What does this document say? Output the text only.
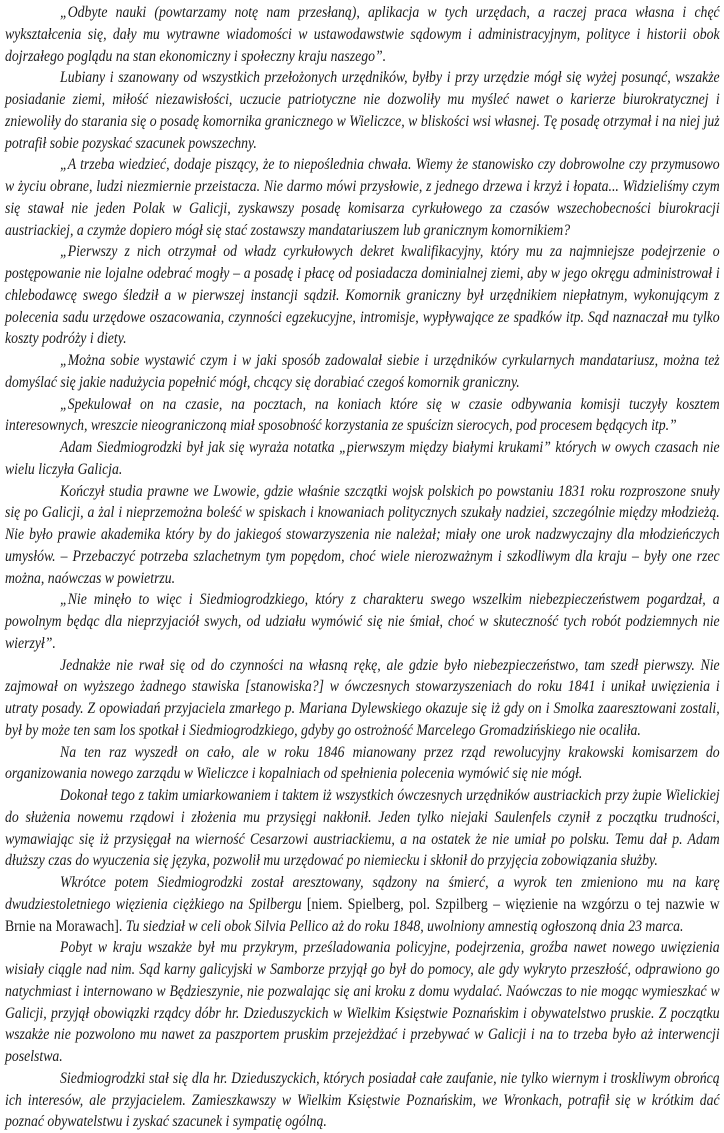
„Odbyte nauki (powtarzamy notę nam przesłaną), aplikacja w tych urzędach, a raczej praca własna i chęć wykształcenia się, dały mu wytrawne wiadomości w ustawodawstwie sądowym i administracyjnym, polityce i historii obok dojrzałego poglądu na stan ekonomiczny i społeczny kraju naszego”.

Lubiany i szanowany od wszystkich przełożonych urzędników, byłby i przy urzędzie mógł się wyżej posunąć, wszakże posiadanie ziemi, miłość niezawisłości, uczucie patriotyczne nie dozwoliły mu myśleć nawet o karierze biurokratycznej i zniewoliły do starania się o posadę komornika granicznego w Wieliczce, w bliskości wsi własnej. Tę posadę otrzymał i na niej już potrafił sobie pozyskać szacunek powszechny.

„A trzeba wiedzieć, dodaje piszący, że to niepoślednia chwała. Wiemy że stanowisko czy dobrowolne czy przymusowo w życiu obrane, ludzi niezmiernie przeistacza. Nie darmo mówi przysłowie, z jednego drzewa i krzyż i łopata... Widzieliśmy czym się stawał nie jeden Polak w Galicji, zyskawszy posadę komisarza cyrkułowego za czasów wszechobecności biurokracji austriackiej, a czymże dopiero mógł się stać zostawszy mandatariuszem lub granicznym komornikiem?

„Pierwszy z nich otrzymał od władz cyrkułowych dekret kwalifikacyjny, który mu za najmniejsze podejrzenie o postępowanie nie lojalne odebrać mogły – a posadę i płacę od posiadacza dominialnej ziemi, aby w jego okręgu administrował i chlebodawcę swego śledził a w pierwszej instancji sądził. Komornik graniczny był urzędnikiem niepłatnym, wykonującym z polecenia sadu urzędowe oszacowania, czynności egzekucyjne, intromisje, wypływające ze spadków itp. Sąd naznaczał mu tylko koszty podróży i diety.

„Można sobie wystawić czym i w jaki sposób zadowalał siebie i urzędników cyrkularnych mandatariusz, można też domyślać się jakie nadużycia popełnić mógł, chcący się dorabiać czegoś komornik graniczny.

„Spekulował on na czasie, na pocztach, na koniach które się w czasie odbywania komisji tuczyły kosztem interesownych, wreszcie nieograniczoną miał sposobność korzystania ze spuścizn sierocych, pod procesem będących itp.”

Adam Siedmiogrodzki był jak się wyraża notatka „pierwszym między białymi krukami” których w owych czasach nie wielu liczyła Galicja.

Kończył studia prawne we Lwowie, gdzie właśnie szczątki wojsk polskich po powstaniu 1831 roku rozproszone snuły się po Galicji, a żal i nieprzemożna boleść w spiskach i knowaniach politycznych szukały nadziei, szczególnie między młodzieżą. Nie było prawie akademika który by do jakiegoś stowarzyszenia nie należał; miały one urok nadzwyczajny dla młodzieńczych umysłów. – Przebaczyć potrzeba szlachetnym tym popędom, choć wiele nierozważnym i szkodliwym dla kraju – były one rzec można, naówczas w powietrzu.

„Nie minęło to więc i Siedmiogrodzkiego, który z charakteru swego wszelkim niebezpieczeństwem pogardzał, a powolnym będąc dla nieprzyjaciół swych, od udziału wymówić się nie śmiał, choć w skuteczność tych robót podziemnych nie wierzył”.

Jednakże nie rwał się od do czynności na własną rękę, ale gdzie było niebezpieczeństwo, tam szedł pierwszy. Nie zajmował on wyższego żadnego stawiska [stanowiska?] w ówczesnych stowarzyszeniach do roku 1841 i unikał uwięzienia i utraty posady. Z opowiadań przyjaciela zmarłego p. Mariana Dylewskiego okazuje się iż gdy on i Smolka zaaresztowani zostali, był by może ten sam los spotkał i Siedmiogrodzkiego, gdyby go ostrożność Marcelego Gromadzińskiego nie ocaliła.

Na ten raz wyszedł on cało, ale w roku 1846 mianowany przez rząd rewolucyjny krakowski komisarzem do organizowania nowego zarządu w Wieliczce i kopalniach od spełnienia polecenia wymówić się nie mógł.

Dokonał tego z takim umiarkowaniem i taktem iż wszystkich ówczesnych urzędników austriackich przy żupie Wielickiej do służenia nowemu rządowi i złożenia mu przysięgi nakłonił. Jeden tylko niejaki Saulenfels czynił z początku trudności, wymawiając się iż przysięgał na wierność Cesarzowi austriackiemu, a na ostatek że nie umiał po polsku. Temu dał p. Adam dłuższy czas do wyuczenia się języka, pozwolił mu urzędować po niemiecku i skłonił do przyjęcia zobowiązania służby.

Wkrótce potem Siedmiogrodzki został aresztowany, sądzony na śmierć, a wyrok ten zmieniono mu na karę dwudziestoletniego więzienia ciężkiego na Spilbergu [niem. Spielberg, pol. Szpilberg – więzienie na wzgórzu o tej nazwie w Brnie na Morawach]. Tu siedział w celi obok Silvia Pellico aż do roku 1848, uwolniony amnestią ogłoszoną dnia 23 marca.

Pobyt w kraju wszakże był mu przykrym, prześladowania policyjne, podejrzenia, groźba nawet nowego uwięzienia wisiały ciągle nad nim. Sąd karny galicyjski w Samborze przyjął go był do pomocy, ale gdy wykryto przeszłość, odprawiono go natychmiast i internowano w Będzieszynie, nie pozwalając się ani kroku z domu wydalać. Naówczas to nie mogąc wymieszkać w Galicji, przyjął obowiązki rządcy dóbr hr. Dzieduszyckich w Wielkim Księstwie Poznańskim i obywatelstwo pruskie. Z początku wszakże nie pozwolono mu nawet za paszportem pruskim przejeżdżać i przebywać w Galicji i na to trzeba było aż interwencji poselstwa.

Siedmiogrodzki stał się dla hr. Dzieduszyckich, których posiadał całe zaufanie, nie tylko wiernym i troskliwym obrońcą ich interesów, ale przyjacielem. Zamieszkawszy w Wielkim Księstwie Poznańskim, we Wronkach, potrafił się w krótkim dać poznać obywatelstwu i zyskać szacunek i sympatię ogólną.
